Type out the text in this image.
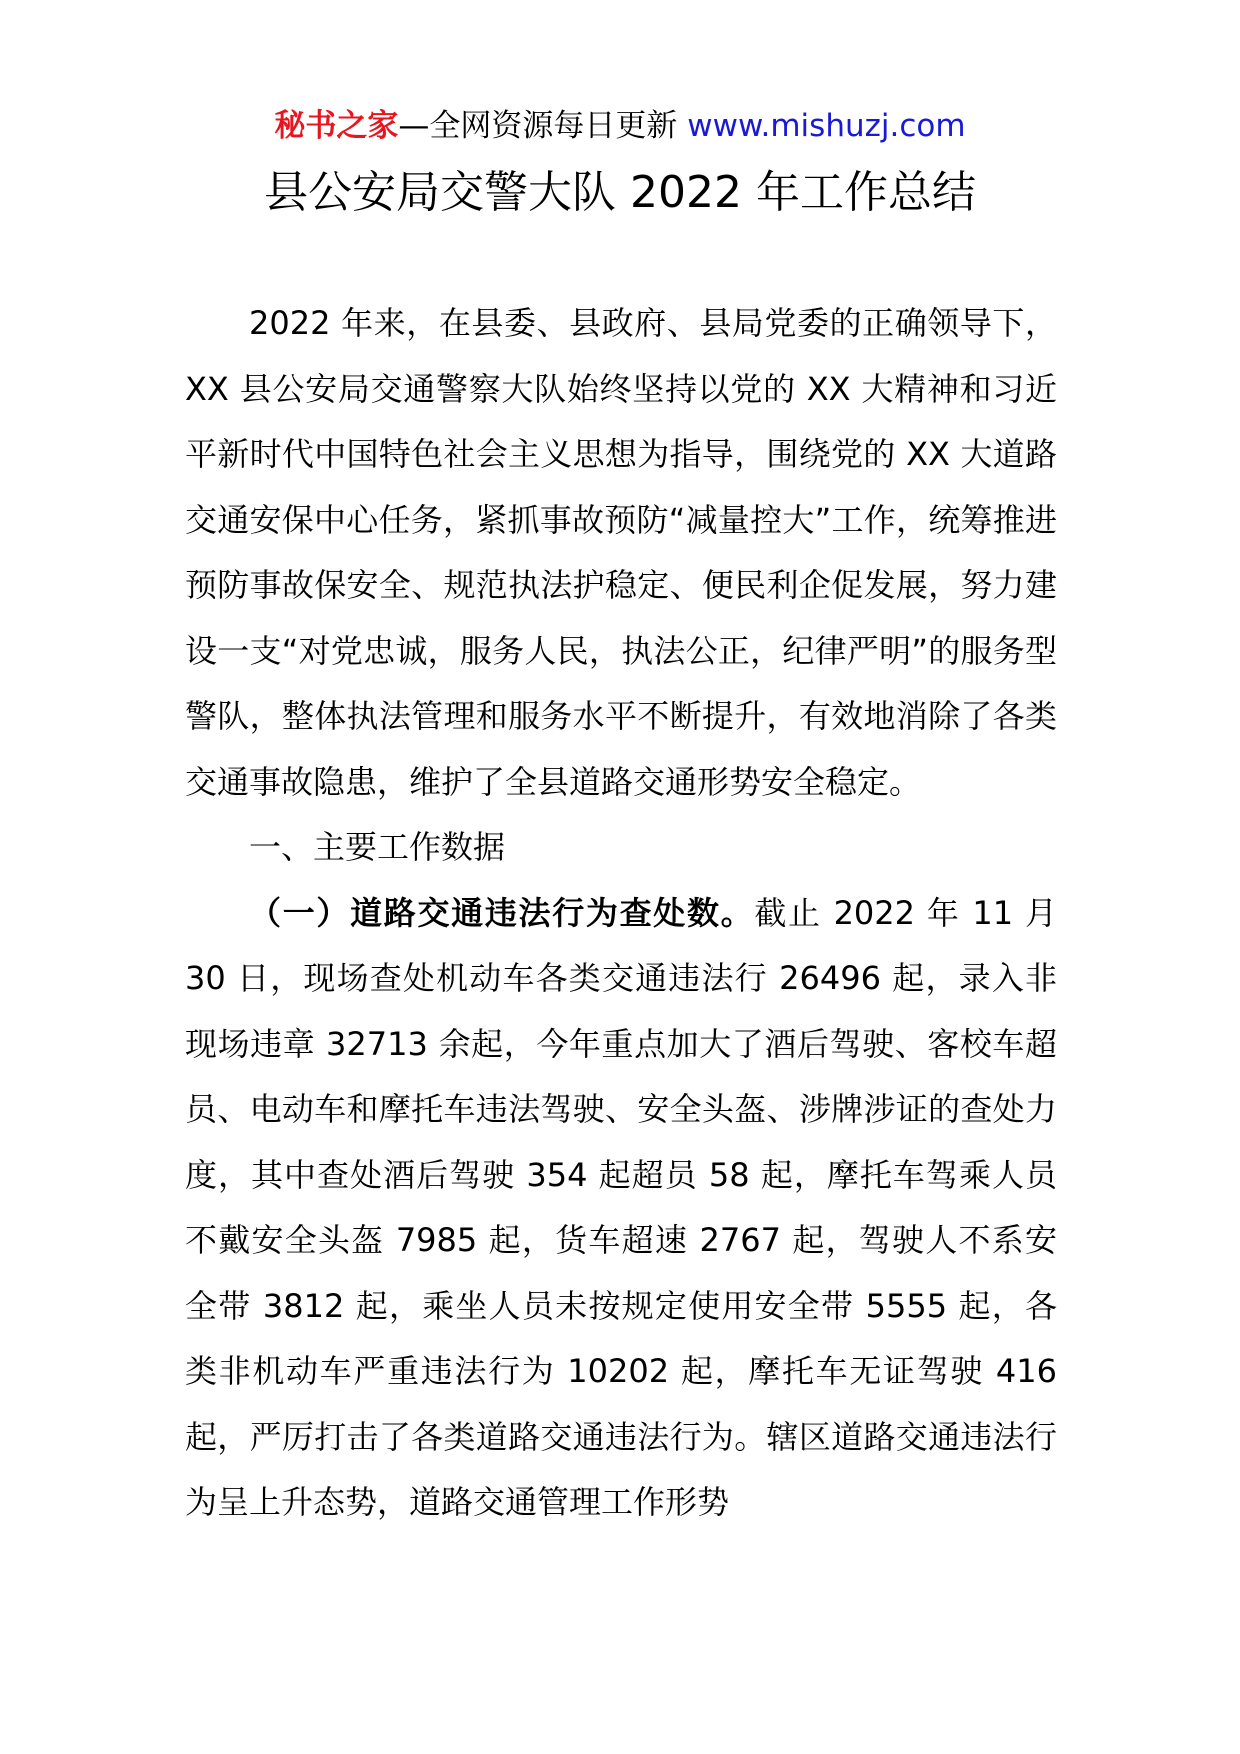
秘书之家—全网资源每日更新 www.mishuzj.com
县公安局交警大队 2022 年工作总结

2022 年来，在县委、县政府、县局党委的正确领导下，XX 县公安局交通警察大队始终坚持以党的 XX 大精神和习近平新时代中国特色社会主义思想为指导，围绕党的 XX 大道路交通安保中心任务，紧抓事故预防“减量控大”工作，统筹推进预防事故保安全、规范执法护稳定、便民利企促发展，努力建设一支“对党忠诚，服务人民，执法公正，纪律严明”的服务型警队，整体执法管理和服务水平不断提升，有效地消除了各类交通事故隐患，维护了全县道路交通形势安全稳定。

一、主要工作数据

（一）道路交通违法行为查处数。截止 2022 年 11 月 30 日，现场查处机动车各类交通违法行 26496 起，录入非现场违章 32713 余起，今年重点加大了酒后驾驶、客校车超员、电动车和摩托车违法驾驶、安全头盔、涉牌涉证的查处力度，其中查处酒后驾驶 354 起超员 58 起，摩托车驾乘人员不戴安全头盔 7985 起，货车超速 2767 起，驾驶人不系安全带 3812 起，乘坐人员未按规定使用安全带 5555 起，各类非机动车严重违法行为 10202 起，摩托车无证驾驶 416 起，严厉打击了各类道路交通违法行为。辖区道路交通违法行为呈上升态势，道路交通管理工作形势
